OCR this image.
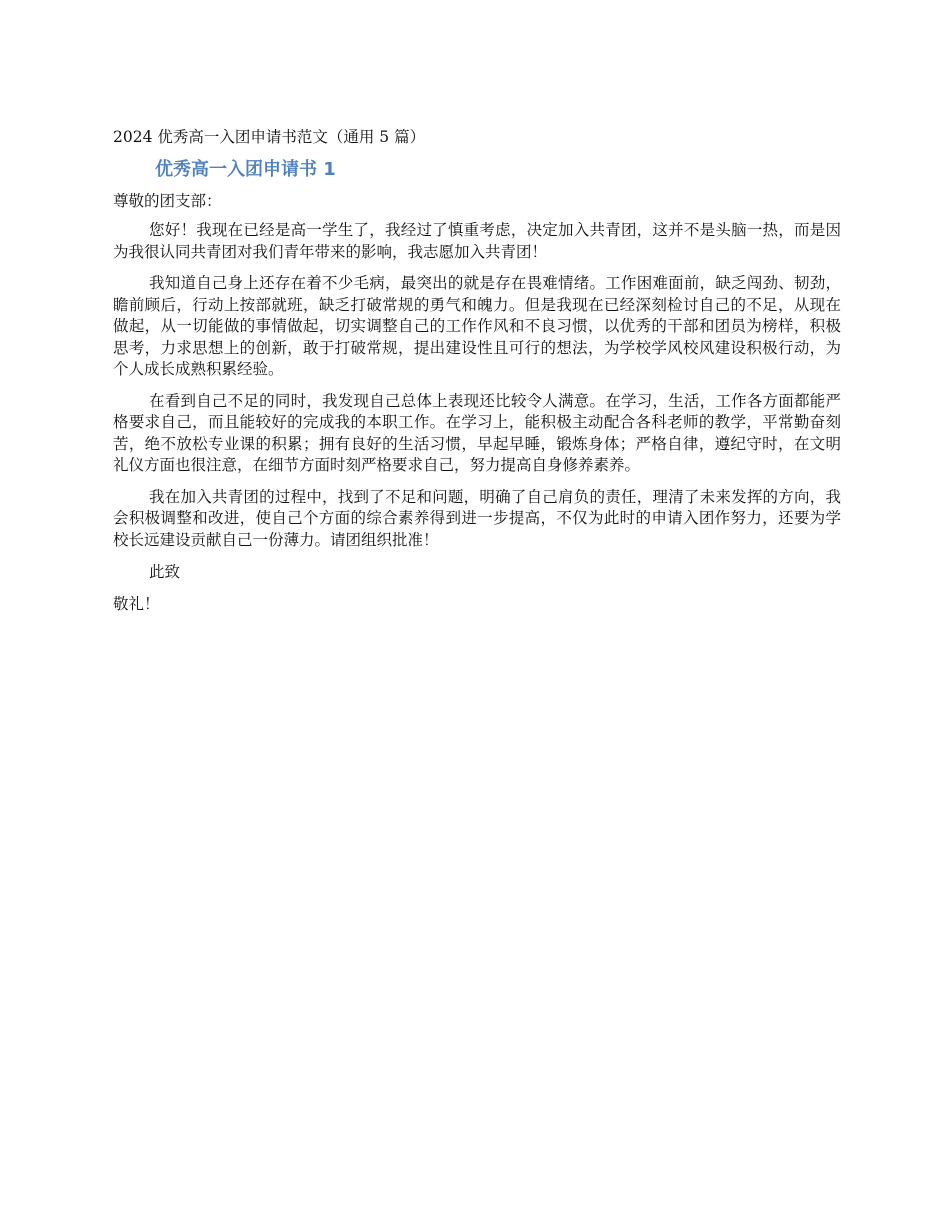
2024 优秀高一入团申请书范文（通用 5 篇）
优秀高一入团申请书 1
尊敬的团支部：

您好！我现在已经是高一学生了，我经过了慎重考虑，决定加入共青团，这并不是头脑一热，而是因为我很认同共青团对我们青年带来的影响，我志愿加入共青团！

我知道自己身上还存在着不少毛病，最突出的就是存在畏难情绪。工作困难面前，缺乏闯劲、韧劲，瞻前顾后，行动上按部就班，缺乏打破常规的勇气和魄力。但是我现在已经深刻检讨自己的不足，从现在做起，从一切能做的事情做起，切实调整自己的工作作风和不良习惯，以优秀的干部和团员为榜样，积极思考，力求思想上的创新，敢于打破常规，提出建设性且可行的想法，为学校学风校风建设积极行动，为个人成长成熟积累经验。

在看到自己不足的同时，我发现自己总体上表现还比较令人满意。在学习，生活，工作各方面都能严格要求自己，而且能较好的完成我的本职工作。在学习上，能积极主动配合各科老师的教学，平常勤奋刻苦，绝不放松专业课的积累；拥有良好的生活习惯，早起早睡，锻炼身体；严格自律，遵纪守时，在文明礼仪方面也很注意，在细节方面时刻严格要求自己，努力提高自身修养素养。

我在加入共青团的过程中，找到了不足和问题，明确了自己肩负的责任，理清了未来发挥的方向，我会积极调整和改进，使自己个方面的综合素养得到进一步提高，不仅为此时的申请入团作努力，还要为学校长远建设贡献自己一份薄力。请团组织批准！

此致
敬礼！
